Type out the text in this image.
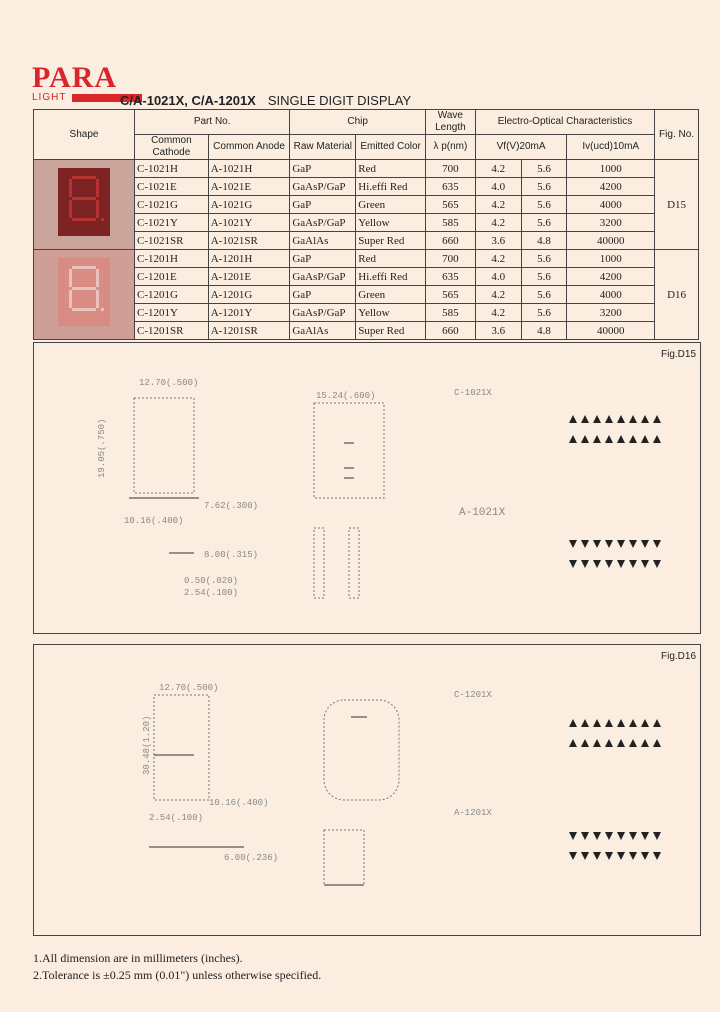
PARA
LIGHT	C/A-1021X, C/A-1201X SINGLE DIGIT DISPLAY
Shape	Part No.		Chip		Wave Length	Electro-Optical Characteristics			Fig. No.
	Common Cathode	Common Anode	Raw Material	Emitted Color	λ p(nm)	Vf(V)20mA		Iv(ucd)10mA	

	C-1021H	A-1021H	GaP	Red	700	4.2	5.6	1000	D15
	C-1021E	A-1021E	GaAsP/GaP	Hi.effi Red	635	4.0	5.6	4200	
	C-1021G	A-1021G	GaP	Green	565	4.2	5.6	4000	
	C-1021Y	A-1021Y	GaAsP/GaP	Yellow	585	4.2	5.6	3200	
	C-1021SR	A-1021SR	GaAlAs	Super Red	660	3.6	4.8	40000	
	C-1201H	A-1201H	GaP	Red	700	4.2	5.6	1000	D16
	C-1201E	A-1201E	GaAsP/GaP	Hi.effi Red	635	4.0	5.6	4200	
	C-1201G	A-1201G	GaP	Green	565	4.2	5.6	4000	
	C-1201Y	A-1201Y	GaAsP/GaP	Yellow	585	4.2	5.6	3200	
	C-1201SR	A-1201SR	GaAlAs	Super Red	660	3.6	4.8	40000	
Fig.D15
19.05(.750)
12.70(.500)
10.16(.400)
7.62(.300)
8.00(.315)
0.50(.020)
2.54(.100)
15.24(.600)	C-1021X
A-1021X
Fig.D16
12.70(.500)
30.48(1.20)
10.16(.400)
2.54(.100)
6.00(.236)
C-1201X
A-1201X
1.All dimension are in millimeters (inches).
2.Tolerance is ±0.25 mm (0.01") unless otherwise specified.
